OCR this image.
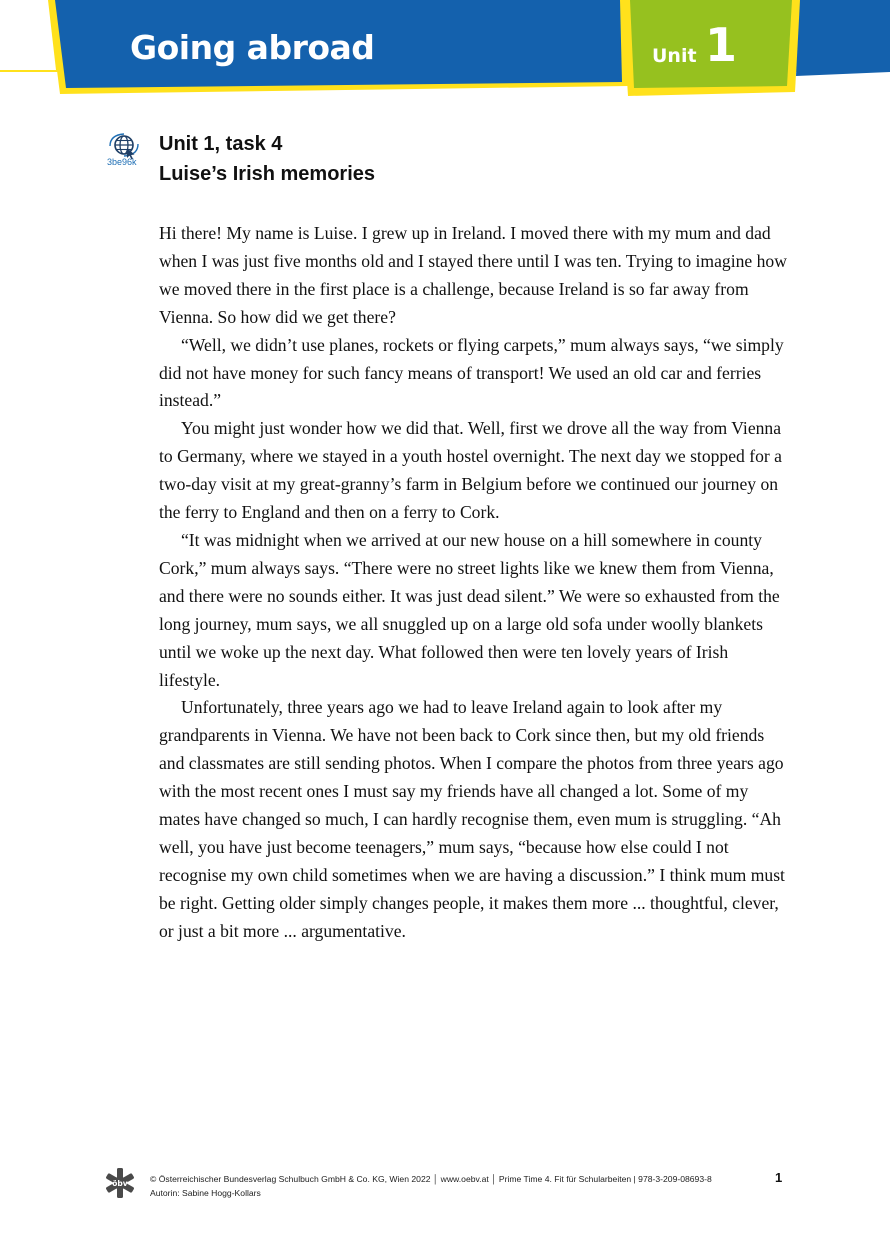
Going abroad	Unit 1
3be96k
Unit 1, task 4
Luise’s Irish memories

Hi there! My name is Luise. I grew up in Ireland. I moved there with my mum and dad when I was just five months old and I stayed there until I was ten. Trying to imagine how we moved there in the first place is a challenge, because Ireland is so far away from Vienna. So how did we get there?

“Well, we didn’t use planes, rockets or flying carpets,” mum always says, “we simply did not have money for such fancy means of transport! We used an old car and ferries instead.”

You might just wonder how we did that. Well, first we drove all the way from Vienna to Germany, where we stayed in a youth hostel overnight. The next day we stopped for a two-day visit at my great-granny’s farm in Belgium before we continued our journey on the ferry to England and then on a ferry to Cork.

“It was midnight when we arrived at our new house on a hill somewhere in county Cork,” mum always says. “There were no street lights like we knew them from Vienna, and there were no sounds either. It was just dead silent.” We were so exhausted from the long journey, mum says, we all snuggled up on a large old sofa under woolly blankets until we woke up the next day. What followed then were ten lovely years of Irish lifestyle.

Unfortunately, three years ago we had to leave Ireland again to look after my grandparents in Vienna. We have not been back to Cork since then, but my old friends and classmates are still sending photos. When I compare the photos from three years ago with the most recent ones I must say my friends have all changed a lot. Some of my mates have changed so much, I can hardly recognise them, even mum is struggling. “Ah well, you have just become teenagers,” mum says, “because how else could I not recognise my own child sometimes when we are having a discussion.” I think mum must be right. Getting older simply changes people, it makes them more ... thoughtful, clever, or just a bit more ... argumentative.

öbv	© Österreichischer Bundesverlag Schulbuch GmbH & Co. KG, Wien 2022 │ www.oebv.at │ Prime Time 4. Fit für Schularbeiten | 978-3-209-08693-8
Autorin: Sabine Hogg-Kollars
1
